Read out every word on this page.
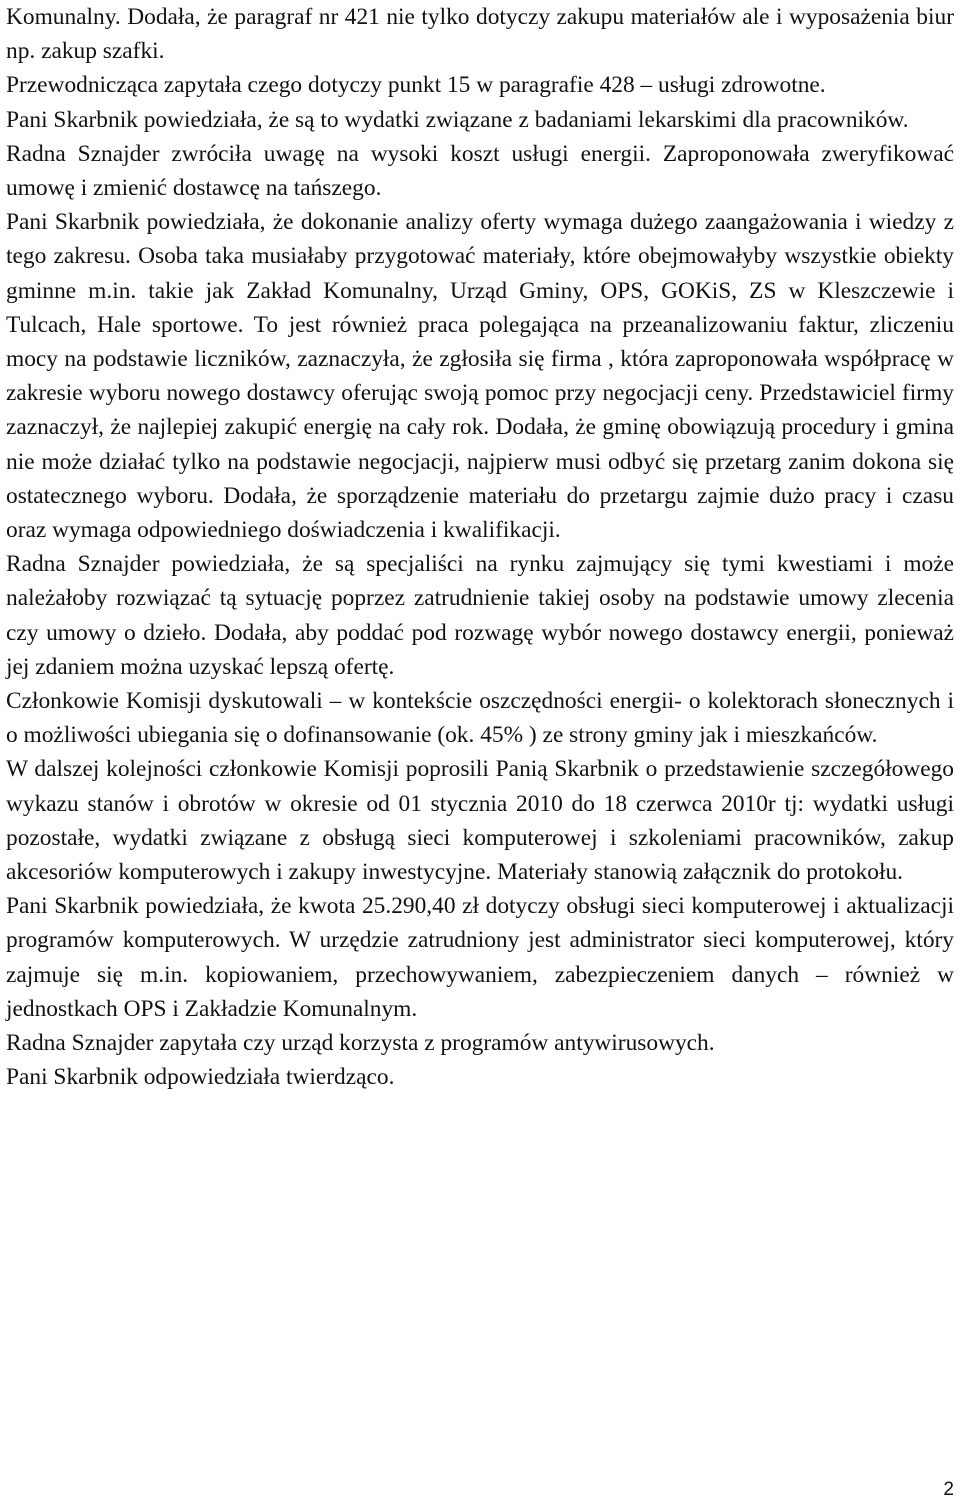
Komunalny. Dodała, że paragraf nr 421 nie tylko dotyczy zakupu materiałów ale i wyposażenia biur np. zakup szafki.

Przewodnicząca zapytała czego dotyczy punkt 15 w paragrafie 428 – usługi zdrowotne.

Pani Skarbnik powiedziała, że są to wydatki związane z badaniami lekarskimi dla pracowników.

Radna Sznajder zwróciła uwagę na wysoki koszt usługi energii. Zaproponowała zweryfikować umowę i zmienić dostawcę na tańszego.

Pani Skarbnik powiedziała, że dokonanie analizy oferty wymaga dużego zaangażowania i wiedzy z tego zakresu. Osoba taka musiałaby przygotować materiały, które obejmowałyby wszystkie obiekty gminne m.in. takie jak Zakład Komunalny, Urząd Gminy, OPS, GOKiS, ZS w Kleszczewie i Tulcach, Hale sportowe. To jest również praca polegająca na przeanalizowaniu faktur, zliczeniu mocy na podstawie liczników, zaznaczyła, że zgłosiła się firma , która zaproponowała współpracę w zakresie wyboru nowego dostawcy oferując swoją pomoc przy negocjacji ceny. Przedstawiciel firmy zaznaczył, że najlepiej zakupić energię na cały rok. Dodała, że gminę obowiązują procedury i gmina nie może działać tylko na podstawie negocjacji, najpierw musi odbyć się przetarg zanim dokona się ostatecznego wyboru. Dodała, że sporządzenie materiału do przetargu zajmie dużo pracy i czasu oraz wymaga odpowiedniego doświadczenia i kwalifikacji.

Radna Sznajder powiedziała, że są specjaliści na rynku zajmujący się tymi kwestiami i może należałoby rozwiązać tą sytuację poprzez zatrudnienie takiej osoby na podstawie umowy zlecenia czy umowy o dzieło. Dodała, aby poddać pod rozwagę wybór nowego dostawcy energii, ponieważ jej zdaniem można uzyskać lepszą ofertę.

Członkowie Komisji dyskutowali – w kontekście oszczędności energii- o kolektorach słonecznych i o możliwości ubiegania się o dofinansowanie (ok. 45% ) ze strony gminy jak i mieszkańców.

W dalszej kolejności członkowie Komisji poprosili Panią Skarbnik o przedstawienie szczegółowego wykazu stanów i obrotów w okresie od 01 stycznia 2010 do 18 czerwca 2010r tj: wydatki usługi pozostałe, wydatki związane z obsługą sieci komputerowej i szkoleniami pracowników, zakup akcesoriów komputerowych i zakupy inwestycyjne. Materiały stanowią załącznik do protokołu.

Pani Skarbnik powiedziała, że kwota 25.290,40 zł dotyczy obsługi sieci komputerowej i aktualizacji programów komputerowych. W urzędzie zatrudniony jest administrator sieci komputerowej, który zajmuje się m.in. kopiowaniem, przechowywaniem, zabezpieczeniem danych – również w jednostkach OPS i Zakładzie Komunalnym.

Radna Sznajder zapytała czy urząd korzysta z programów antywirusowych.

Pani Skarbnik odpowiedziała twierdząco.

2
